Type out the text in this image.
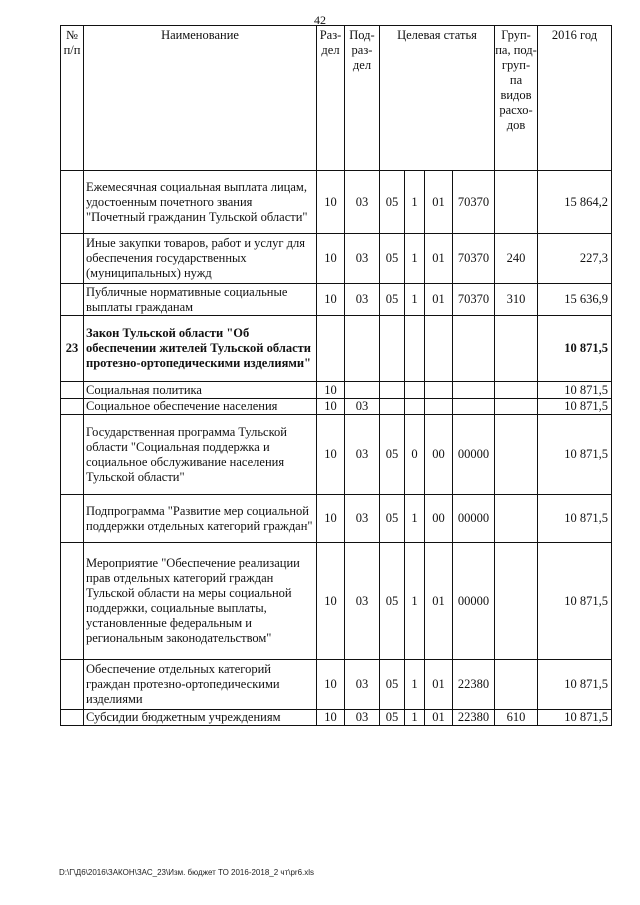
42
№ п/п	Наименование	Раз- дел	Под- раз- дел	Целевая статья				Груп- па, под- груп- па видов расхо- дов	2016 год
	Ежемесячная социальная выплата лицам, удостоенным почетного звания "Почетный гражданин Тульской области"	10	03	05	1	01	70370		15 864,2
	Иные закупки товаров, работ и услуг для обеспечения государственных (муниципальных) нужд	10	03	05	1	01	70370	240	227,3
	Публичные нормативные социальные выплаты гражданам	10	03	05	1	01	70370	310	15 636,9
23	Закон Тульской области "Об обеспечении жителей Тульской области протезно-ортопедическими изделиями"								10 871,5
	Социальная политика	10							10 871,5
	Социальное обеспечение населения	10	03						10 871,5
	Государственная программа Тульской области "Социальная поддержка и социальное обслуживание населения Тульской области"	10	03	05	0	00	00000		10 871,5
	Подпрограмма "Развитие мер социальной поддержки отдельных категорий граждан"	10	03	05	1	00	00000		10 871,5
	Мероприятие "Обеспечение реализации прав отдельных категорий граждан Тульской области на меры социальной поддержки, социальные выплаты, установленные федеральным и региональным законодательством"	10	03	05	1	01	00000		10 871,5
	Обеспечение отдельных категорий граждан протезно-ортопедическими изделиями	10	03	05	1	01	22380		10 871,5
	Субсидии бюджетным учреждениям	10	03	05	1	01	22380	610	10 871,5
D:\Г\Д6\2016\ЗАКОН\ЗАС_23\Изм. бюджет ТО 2016-2018_2 чт\pr6.xls
